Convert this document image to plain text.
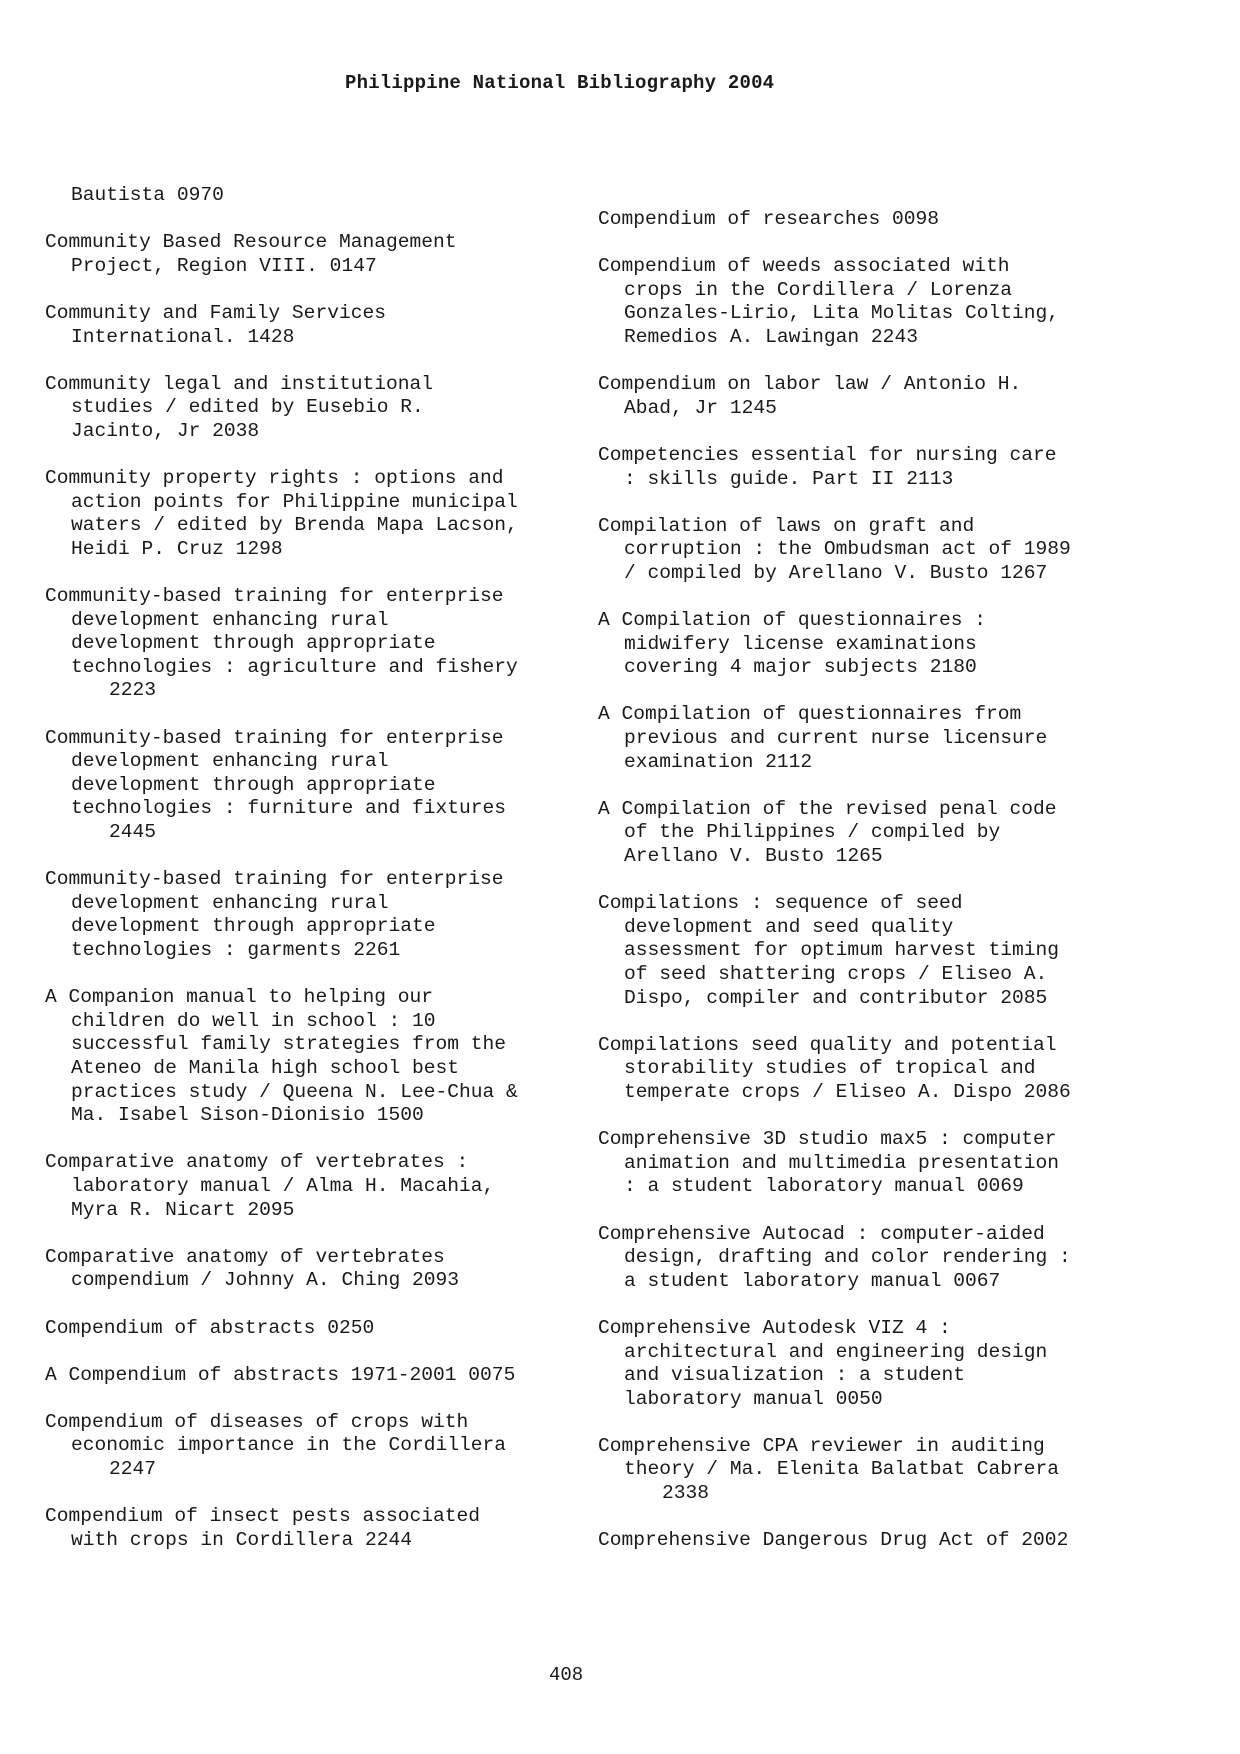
Philippine National Bibliography 2004
Bautista 0970
Community Based Resource Management
Project, Region VIII. 0147
Community and Family Services
International. 1428
Community legal and institutional
studies / edited by Eusebio R.
Jacinto, Jr 2038
Community property rights : options and
action points for Philippine municipal
waters / edited by Brenda Mapa Lacson,
Heidi P. Cruz 1298
Community-based training for enterprise
development enhancing rural
development through appropriate
technologies : agriculture and fishery
2223
Community-based training for enterprise
development enhancing rural
development through appropriate
technologies : furniture and fixtures
2445
Community-based training for enterprise
development enhancing rural
development through appropriate
technologies : garments 2261
A Companion manual to helping our
children do well in school : 10
successful family strategies from the
Ateneo de Manila high school best
practices study / Queena N. Lee-Chua &
Ma. Isabel Sison-Dionisio 1500
Comparative anatomy of vertebrates :
laboratory manual / Alma H. Macahia,
Myra R. Nicart 2095
Comparative anatomy of vertebrates
compendium / Johnny A. Ching 2093
Compendium of abstracts 0250
A Compendium of abstracts 1971-2001 0075
Compendium of diseases of crops with
economic importance in the Cordillera
2247
Compendium of insect pests associated
with crops in Cordillera 2244
Compendium of researches 0098
Compendium of weeds associated with
crops in the Cordillera / Lorenza
Gonzales-Lirio, Lita Molitas Colting,
Remedios A. Lawingan 2243
Compendium on labor law / Antonio H.
Abad, Jr 1245
Competencies essential for nursing care
: skills guide. Part II 2113
Compilation of laws on graft and
corruption : the Ombudsman act of 1989
/ compiled by Arellano V. Busto 1267
A Compilation of questionnaires :
midwifery license examinations
covering 4 major subjects 2180
A Compilation of questionnaires from
previous and current nurse licensure
examination 2112
A Compilation of the revised penal code
of the Philippines / compiled by
Arellano V. Busto 1265
Compilations : sequence of seed
development and seed quality
assessment for optimum harvest timing
of seed shattering crops / Eliseo A.
Dispo, compiler and contributor 2085
Compilations seed quality and potential
storability studies of tropical and
temperate crops / Eliseo A. Dispo 2086
Comprehensive 3D studio max5 : computer
animation and multimedia presentation
: a student laboratory manual 0069
Comprehensive Autocad : computer-aided
design, drafting and color rendering :
a student laboratory manual 0067
Comprehensive Autodesk VIZ 4 :
architectural and engineering design
and visualization : a student
laboratory manual 0050
Comprehensive CPA reviewer in auditing
theory / Ma. Elenita Balatbat Cabrera
2338
Comprehensive Dangerous Drug Act of 2002
408
